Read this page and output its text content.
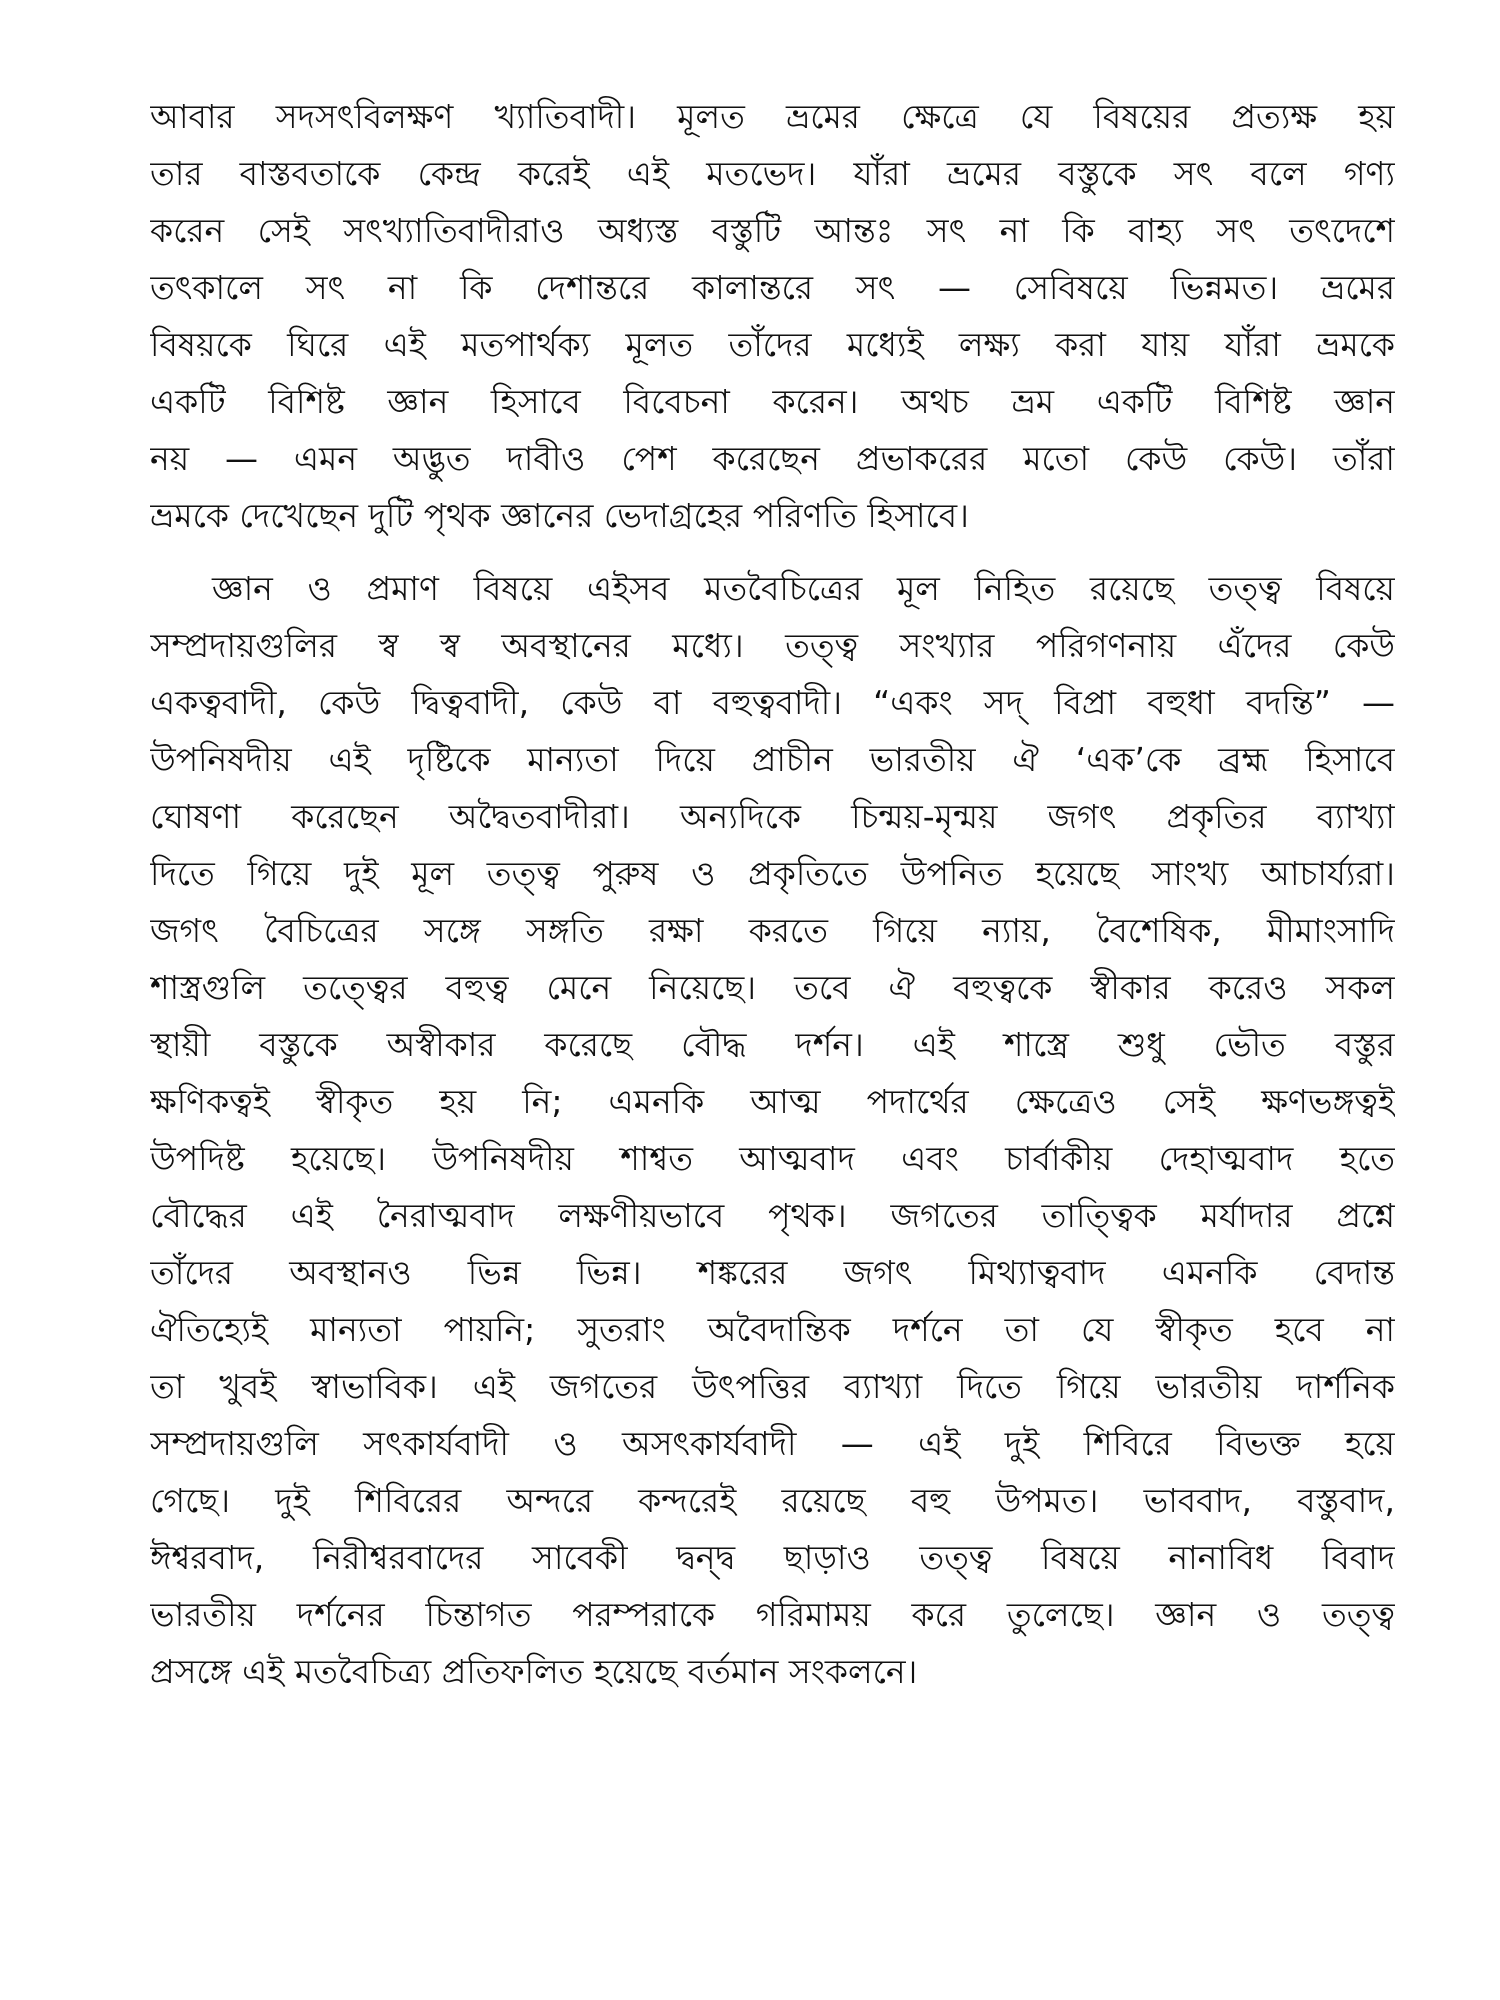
আবার সদসৎবিলক্ষণ খ্যাতিবাদী। মূলত ভ্রমের ক্ষেত্রে যে বিষয়ের প্রত্যক্ষ হয়
তার বাস্তবতাকে কেন্দ্র করেই এই মতভেদ। যাঁরা ভ্রমের বস্তুকে সৎ বলে গণ্য
করেন সেই সৎখ্যাতিবাদীরাও অধ্যস্ত বস্তুটি আন্তঃ সৎ না কি বাহ্য সৎ তৎদেশে
তৎকালে সৎ না কি দেশান্তরে কালান্তরে সৎ — সেবিষয়ে ভিন্নমত। ভ্রমের
বিষয়কে ঘিরে এই মতপার্থক্য মূলত তাঁদের মধ্যেই লক্ষ্য করা যায় যাঁরা ভ্রমকে
একটি বিশিষ্ট জ্ঞান হিসাবে বিবেচনা করেন। অথচ ভ্রম একটি বিশিষ্ট জ্ঞান
নয় — এমন অদ্ভুত দাবীও পেশ করেছেন প্রভাকরের মতো কেউ কেউ। তাঁরা
ভ্রমকে দেখেছেন দুটি পৃথক জ্ঞানের ভেদাগ্রহের পরিণতি হিসাবে।
জ্ঞান ও প্রমাণ বিষয়ে এইসব মতবৈচিত্রের মূল নিহিত রয়েছে তত্ত্ব বিষয়ে
সম্প্রদায়গুলির স্ব স্ব অবস্থানের মধ্যে। তত্ত্ব সংখ্যার পরিগণনায় এঁদের কেউ
একত্ববাদী, কেউ দ্বিত্ববাদী, কেউ বা বহুত্ববাদী। “একং সদ্ বিপ্রা বহুধা বদন্তি” —
উপনিষদীয় এই দৃষ্টিকে মান্যতা দিয়ে প্রাচীন ভারতীয় ঐ ‘এক’কে ব্রহ্ম হিসাবে
ঘোষণা করেছেন অদ্বৈতবাদীরা। অন্যদিকে চিন্ময়-মৃন্ময় জগৎ প্রকৃতির ব্যাখ্যা
দিতে গিয়ে দুই মূল তত্ত্ব পুরুষ ও প্রকৃতিতে উপনিত হয়েছে সাংখ্য আচার্য্যরা।
জগৎ বৈচিত্রের সঙ্গে সঙ্গতি রক্ষা করতে গিয়ে ন্যায়, বৈশেষিক, মীমাংসাদি
শাস্ত্রগুলি তত্ত্বের বহুত্ব মেনে নিয়েছে। তবে ঐ বহুত্বকে স্বীকার করেও সকল
স্থায়ী বস্তুকে অস্বীকার করেছে বৌদ্ধ দর্শন। এই শাস্ত্রে শুধু ভৌত বস্তুর
ক্ষণিকত্বই স্বীকৃত হয় নি; এমনকি আত্ম পদার্থের ক্ষেত্রেও সেই ক্ষণভঙ্গত্বই
উপদিষ্ট হয়েছে। উপনিষদীয় শাশ্বত আত্মবাদ এবং চার্বাকীয় দেহাত্মবাদ হতে
বৌদ্ধের এই নৈরাত্মবাদ লক্ষণীয়ভাবে পৃথক। জগতের তাত্ত্বিক মর্যাদার প্রশ্নে
তাঁদের অবস্থানও ভিন্ন ভিন্ন। শঙ্করের জগৎ মিথ্যাত্ববাদ এমনকি বেদান্ত
ঐতিহ্যেই মান্যতা পায়নি; সুতরাং অবৈদান্তিক দর্শনে তা যে স্বীকৃত হবে না
তা খুবই স্বাভাবিক। এই জগতের উৎপত্তির ব্যাখ্যা দিতে গিয়ে ভারতীয় দার্শনিক
সম্প্রদায়গুলি সৎকার্যবাদী ও অসৎকার্যবাদী — এই দুই শিবিরে বিভক্ত হয়ে
গেছে। দুই শিবিরের অন্দরে কন্দরেই রয়েছে বহু উপমত। ভাববাদ, বস্তুবাদ,
ঈশ্বরবাদ, নিরীশ্বরবাদের সাবেকী দ্বন্দ্ব ছাড়াও তত্ত্ব বিষয়ে নানাবিধ বিবাদ
ভারতীয় দর্শনের চিন্তাগত পরম্পরাকে গরিমাময় করে তুলেছে। জ্ঞান ও তত্ত্ব
প্রসঙ্গে এই মতবৈচিত্র্য প্রতিফলিত হয়েছে বর্তমান সংকলনে।
